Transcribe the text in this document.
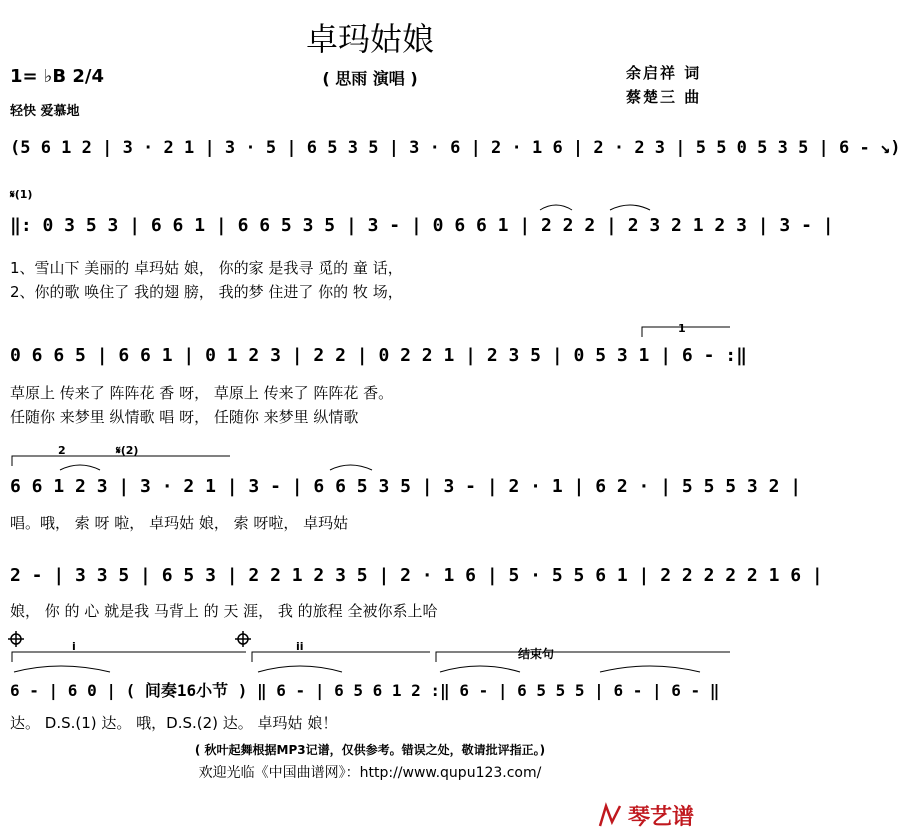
卓玛姑娘
( 思雨 演唱 )
1= ♭B 2/4
轻快 爱慕地
余启祥 词
蔡楚三 曲
(5 6 1 2 | 3 · 2 1 | 3 · 5 | 6 5 3 5 | 3 · 6 | 2 · 1 6 | 2 · 2 3 | 5 5 0 5 3 5 | 6 - ↘)
𝄋(1)
‖: 0 3 5 3 | 6 6 1 | 6 6 5 3 5 | 3 - | 0 6 6 1 | 2 2 2 | 2 3 2 1 2 3 | 3 - |
1、雪山下 美丽的 卓玛姑 娘， 你的家 是我寻 觅的 童 话，
2、你的歌 唤住了 我的翅 膀， 我的梦 住进了 你的 牧 场，
1
0 6 6 5 | 6 6 1 | 0 1 2 3 | 2 2 | 0 2 2 1 | 2 3 5 | 0 5 3 1 | 6 - :‖
草原上 传来了 阵阵花 香 呀， 草原上 传来了 阵阵花 香。
任随你 来梦里 纵情歌 唱 呀， 任随你 来梦里 纵情歌
2	𝄋(2)
6 6 1 2 3 | 3 · 2 1 | 3 - | 6 6 5 3 5 | 3 - | 2 · 1 | 6 2 · | 5 5 5 3 2 |
唱。哦， 索 呀 啦， 卓玛姑 娘， 索 呀啦， 卓玛姑
2 - | 3 3 5 | 6 5 3 | 2 2 1 2 3 5 | 2 · 1 6 | 5 · 5 5 6 1 | 2 2 2 2 2 1 6 |
娘， 你 的 心 就是我 马背上 的 天 涯， 我 的旅程 全被你系上哈
i	ii
结束句
6 - | 6 0 | ( 间奏16小节 ) ‖ 6 - | 6 5 6 1 2 :‖ 6 - | 6 5 5 5 | 6 - | 6 - ‖
达。 D.S.(1) 达。 哦，D.S.(2) 达。 卓玛姑 娘！
( 秋叶起舞根据MP3记谱，仅供参考。错误之处，敬请批评指正。)
欢迎光临《中国曲谱网》：http://www.qupu123.com/
琴艺谱
